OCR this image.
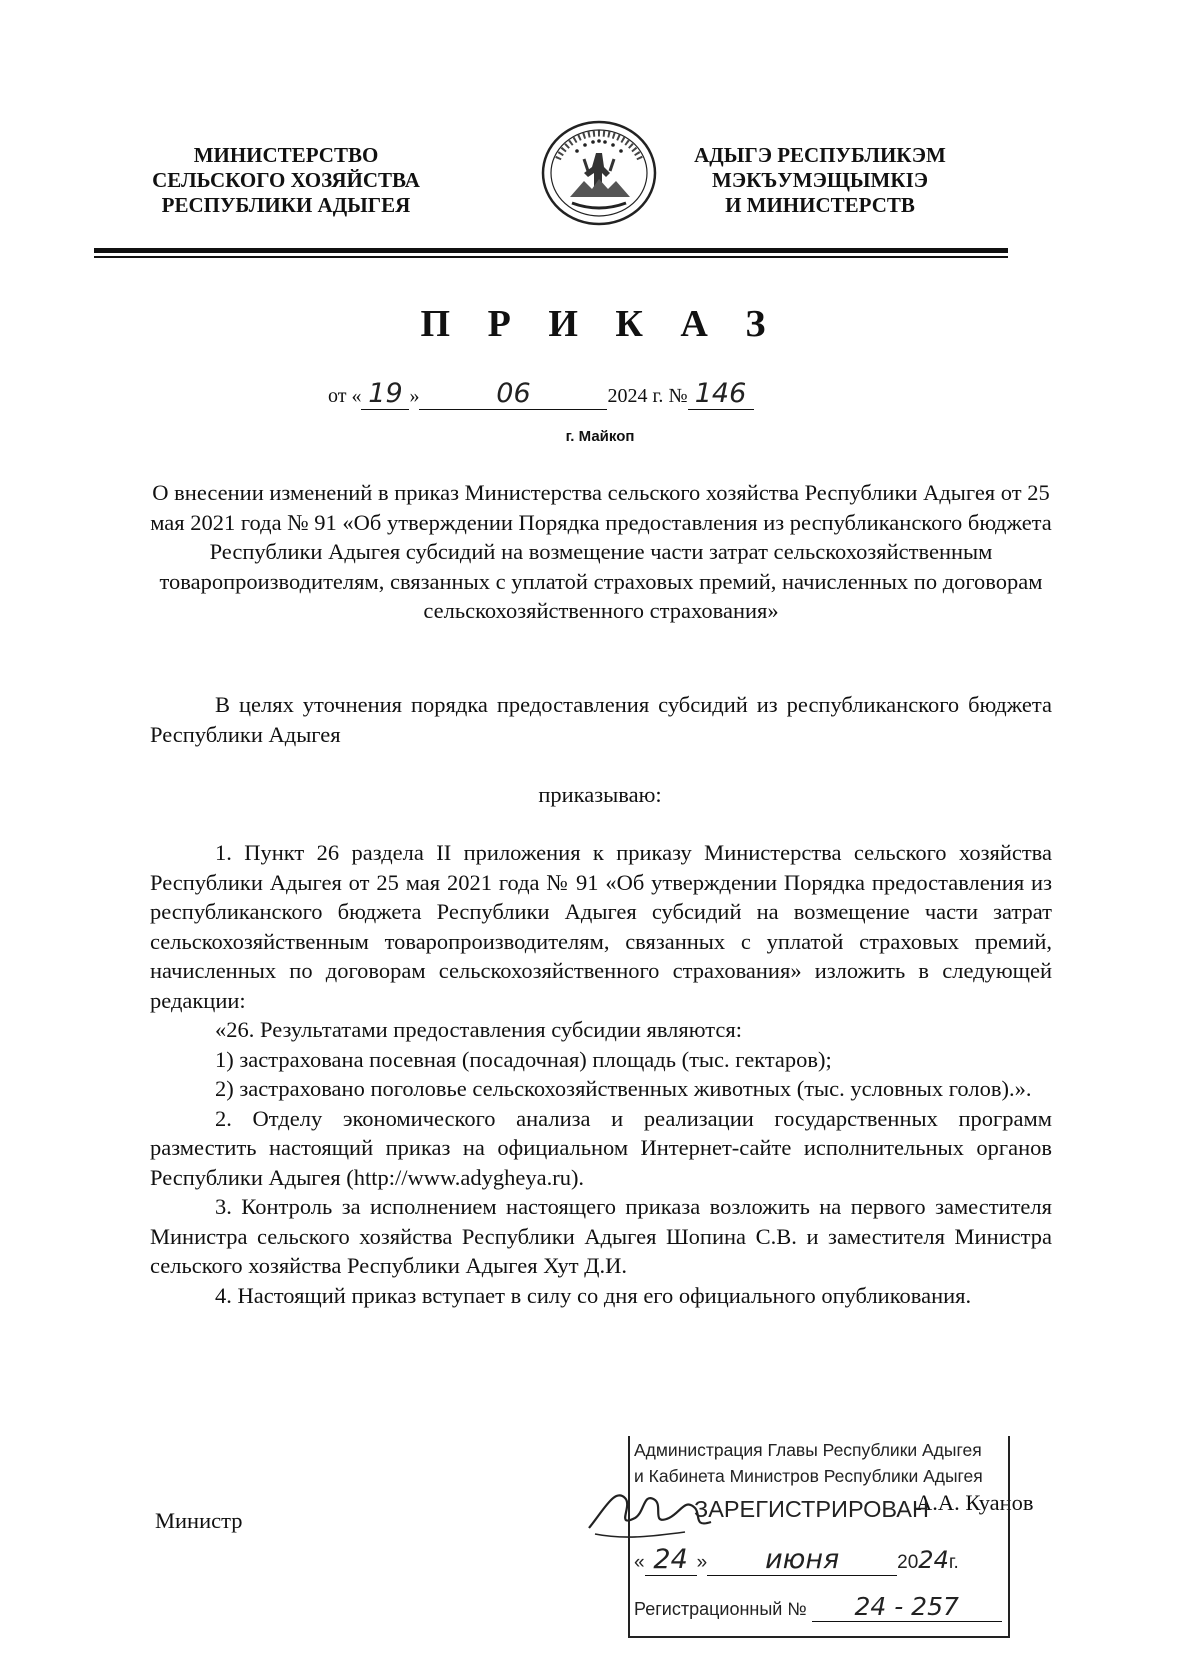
МИНИСТЕРСТВО
СЕЛЬСКОГО ХОЗЯЙСТВА
РЕСПУБЛИКИ АДЫГЕЯ
АДЫГЭ РЕСПУБЛИКЭМ
МЭКЪУМЭЩЫМКIЭ
И МИНИСТЕРСТВ
П Р И К А З
от « 19 »	06	2024 г. № 146
г. Майкоп
О внесении изменений в приказ Министерства сельского хозяйства Республики Адыгея от 25 мая 2021 года № 91 «Об утверждении Порядка предоставления из республиканского бюджета Республики Адыгея субсидий на возмещение части затрат сельскохозяйственным товаропроизводителям, связанных с уплатой страховых премий, начисленных по договорам сельскохозяйственного страхования»

В целях уточнения порядка предоставления субсидий из республиканского бюджета Республики Адыгея

приказываю:

1. Пункт 26 раздела II приложения к приказу Министерства сельского хозяйства Республики Адыгея от 25 мая 2021 года № 91 «Об утверждении Порядка предоставления из республиканского бюджета Республики Адыгея субсидий на возмещение части затрат сельскохозяйственным товаропроизводителям, связанных с уплатой страховых премий, начисленных по договорам сельскохозяйственного страхования» изложить в следующей редакции:

«26. Результатами предоставления субсидии являются:

1) застрахована посевная (посадочная) площадь (тыс. гектаров);

2) застраховано поголовье сельскохозяйственных животных (тыс. условных голов).».

2. Отделу экономического анализа и реализации государственных программ разместить настоящий приказ на официальном Интернет-сайте исполнительных органов Республики Адыгея (http://www.adygheya.ru).

3. Контроль за исполнением настоящего приказа возложить на первого заместителя Министра сельского хозяйства Республики Адыгея Шопина С.В. и заместителя Министра сельского хозяйства Республики Адыгея Хут Д.И.

4. Настоящий приказ вступает в силу со дня его официального опубликования.

Министр
А.А. Куанов
Администрация Главы Республики Адыгея
и Кабинета Министров Республики Адыгея
ЗАРЕГИСТРИРОВАН
« 24 » июня	2024г.
Регистрационный № 24 - 257
